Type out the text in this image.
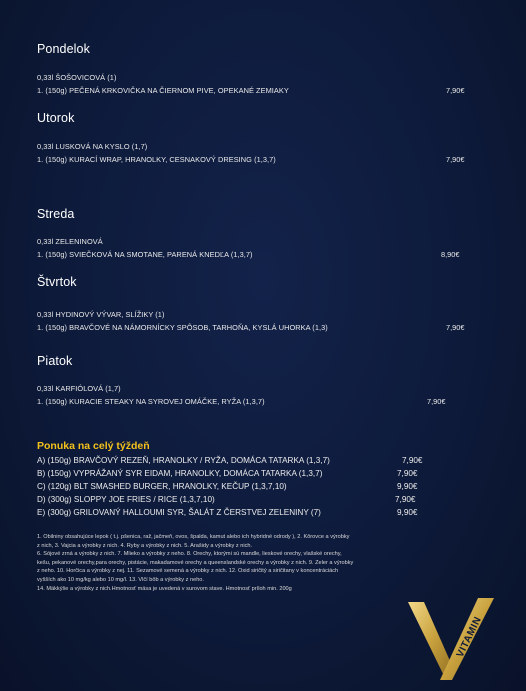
Pondelok
0,33l ŠOŠOVICOVÁ (1)
1. (150g) PEČENÁ KRKOVIČKA NA ČIERNOM PIVE, OPEKANÉ ZEMIAKY	7,90€
Utorok
0,33l LUSKOVÁ NA KYSLO (1,7)
1. (150g) KURACÍ WRAP, HRANOLKY, CESNAKOVÝ DRESING (1,3,7)	7,90€
Streda
0,33l ZELENINOVÁ
1. (150g) SVIEČKOVÁ NA SMOTANE, PARENÁ KNEDĽA (1,3,7)	8,90€
Štvrtok
0,33l HYDINOVÝ VÝVAR, SLÍŽIKY (1)
1. (150g) BRAVČOVÉ NA NÁMORNÍCKY SPÔSOB, TARHOŇA, KYSLÁ UHORKA (1,3)	7,90€
Piatok
0,33l KARFIÓLOVÁ (1,7)
1. (150g) KURACIE STEAKY NA SYROVEJ OMÁČKE, RYŽA (1,3,7)	7,90€
Ponuka na celý týždeň
A) (150g) BRAVČOVÝ REZEŇ, HRANOLKY / RYŽA, DOMÁCA TATARKA (1,3,7)	7,90€
B) (150g) VYPRÁŽANÝ SYR EIDAM, HRANOLKY, DOMÁCA TATARKA (1,3,7)	7,90€
C) (120g) BLT SMASHED BURGER, HRANOLKY, KEČUP (1,3,7,10)	9,90€
D) (300g) SLOPPY JOE FRIES / RICE (1,3,7,10)	7,90€
E) (300g) GRILOVANÝ HALLOUMI SYR, ŠALÁT Z ČERSTVEJ ZELENINY (7)	9,90€

1. Obilniny obsahujúce lepok ( t.j. pšenica, raž, jačmeň, ovos, špalda, kamut alebo ich hybridné odrody ), 2. Kôrovce a výrobky

z nich, 3. Vajcia a výrobky z nich. 4. Ryby a výrobky z nich. 5. Arašidy a výrobky z nich.

6. Sójové zrná a výrobky z nich. 7. Mlieko a výrobky z neho. 8. Orechy, ktorými sú mandle, lieskové orechy, vlašské orechy,

kešu, pekanové orechy,para orechy, pistácie, makadamové orechy a queenslandské orechy a výrobky z nich. 9. Zeler a výrobky

z neho. 10. Horčica a výrobky z nej. 11. Sezamové semená a výrobky z nich. 12. Oxid siričitý a siričitany v koncentráciách

vyšších ako 10 mg/kg alebo 10 mg/l. 13. Vlčí bôb a výrobky z neho.

14. Mäkkýše a výrobky z nich.Hmotnosť mäsa je uvedená v surovom stave. Hmotnosť príloh min. 200g

VITAMIN
